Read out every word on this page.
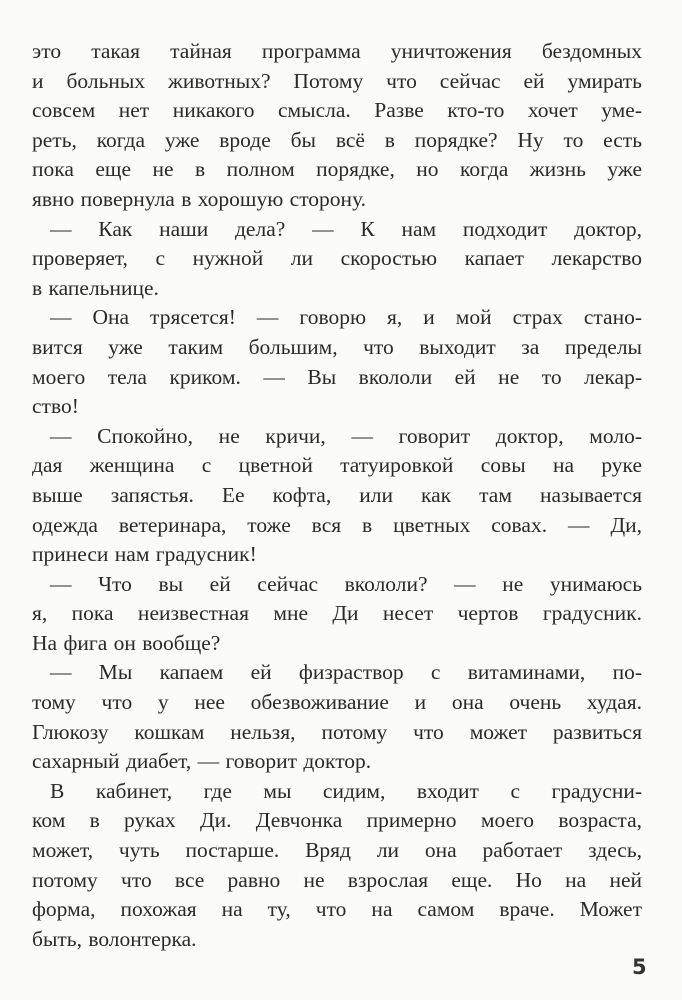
это такая тайная программа уничтожения бездомных
и больных животных? Потому что сейчас ей умирать
совсем нет никакого смысла. Разве кто-то хочет уме-
реть, когда уже вроде бы всё в порядке? Ну то есть
пока еще не в полном порядке, но когда жизнь уже
явно повернула в хорошую сторону.
— Как наши дела? — К нам подходит доктор,
проверяет, с нужной ли скоростью капает лекарство
в капельнице.
— Она трясется! — говорю я, и мой страх стано-
вится уже таким большим, что выходит за пределы
моего тела криком. — Вы вкололи ей не то лекар-
ство!
— Спокойно, не кричи, — говорит доктор, моло-
дая женщина с цветной татуировкой совы на руке
выше запястья. Ее кофта, или как там называется
одежда ветеринара, тоже вся в цветных совах. — Ди,
принеси нам градусник!
— Что вы ей сейчас вкололи? — не унимаюсь
я, пока неизвестная мне Ди несет чертов градусник.
На фига он вообще?
— Мы капаем ей физраствор с витаминами, по-
тому что у нее обезвоживание и она очень худая.
Глюкозу кошкам нельзя, потому что может развиться
сахарный диабет, — говорит доктор.
В кабинет, где мы сидим, входит с градусни-
ком в руках Ди. Девчонка примерно моего возраста,
может, чуть постарше. Вряд ли она работает здесь,
потому что все равно не взрослая еще. Но на ней
форма, похожая на ту, что на самом враче. Может
быть, волонтерка.
5
